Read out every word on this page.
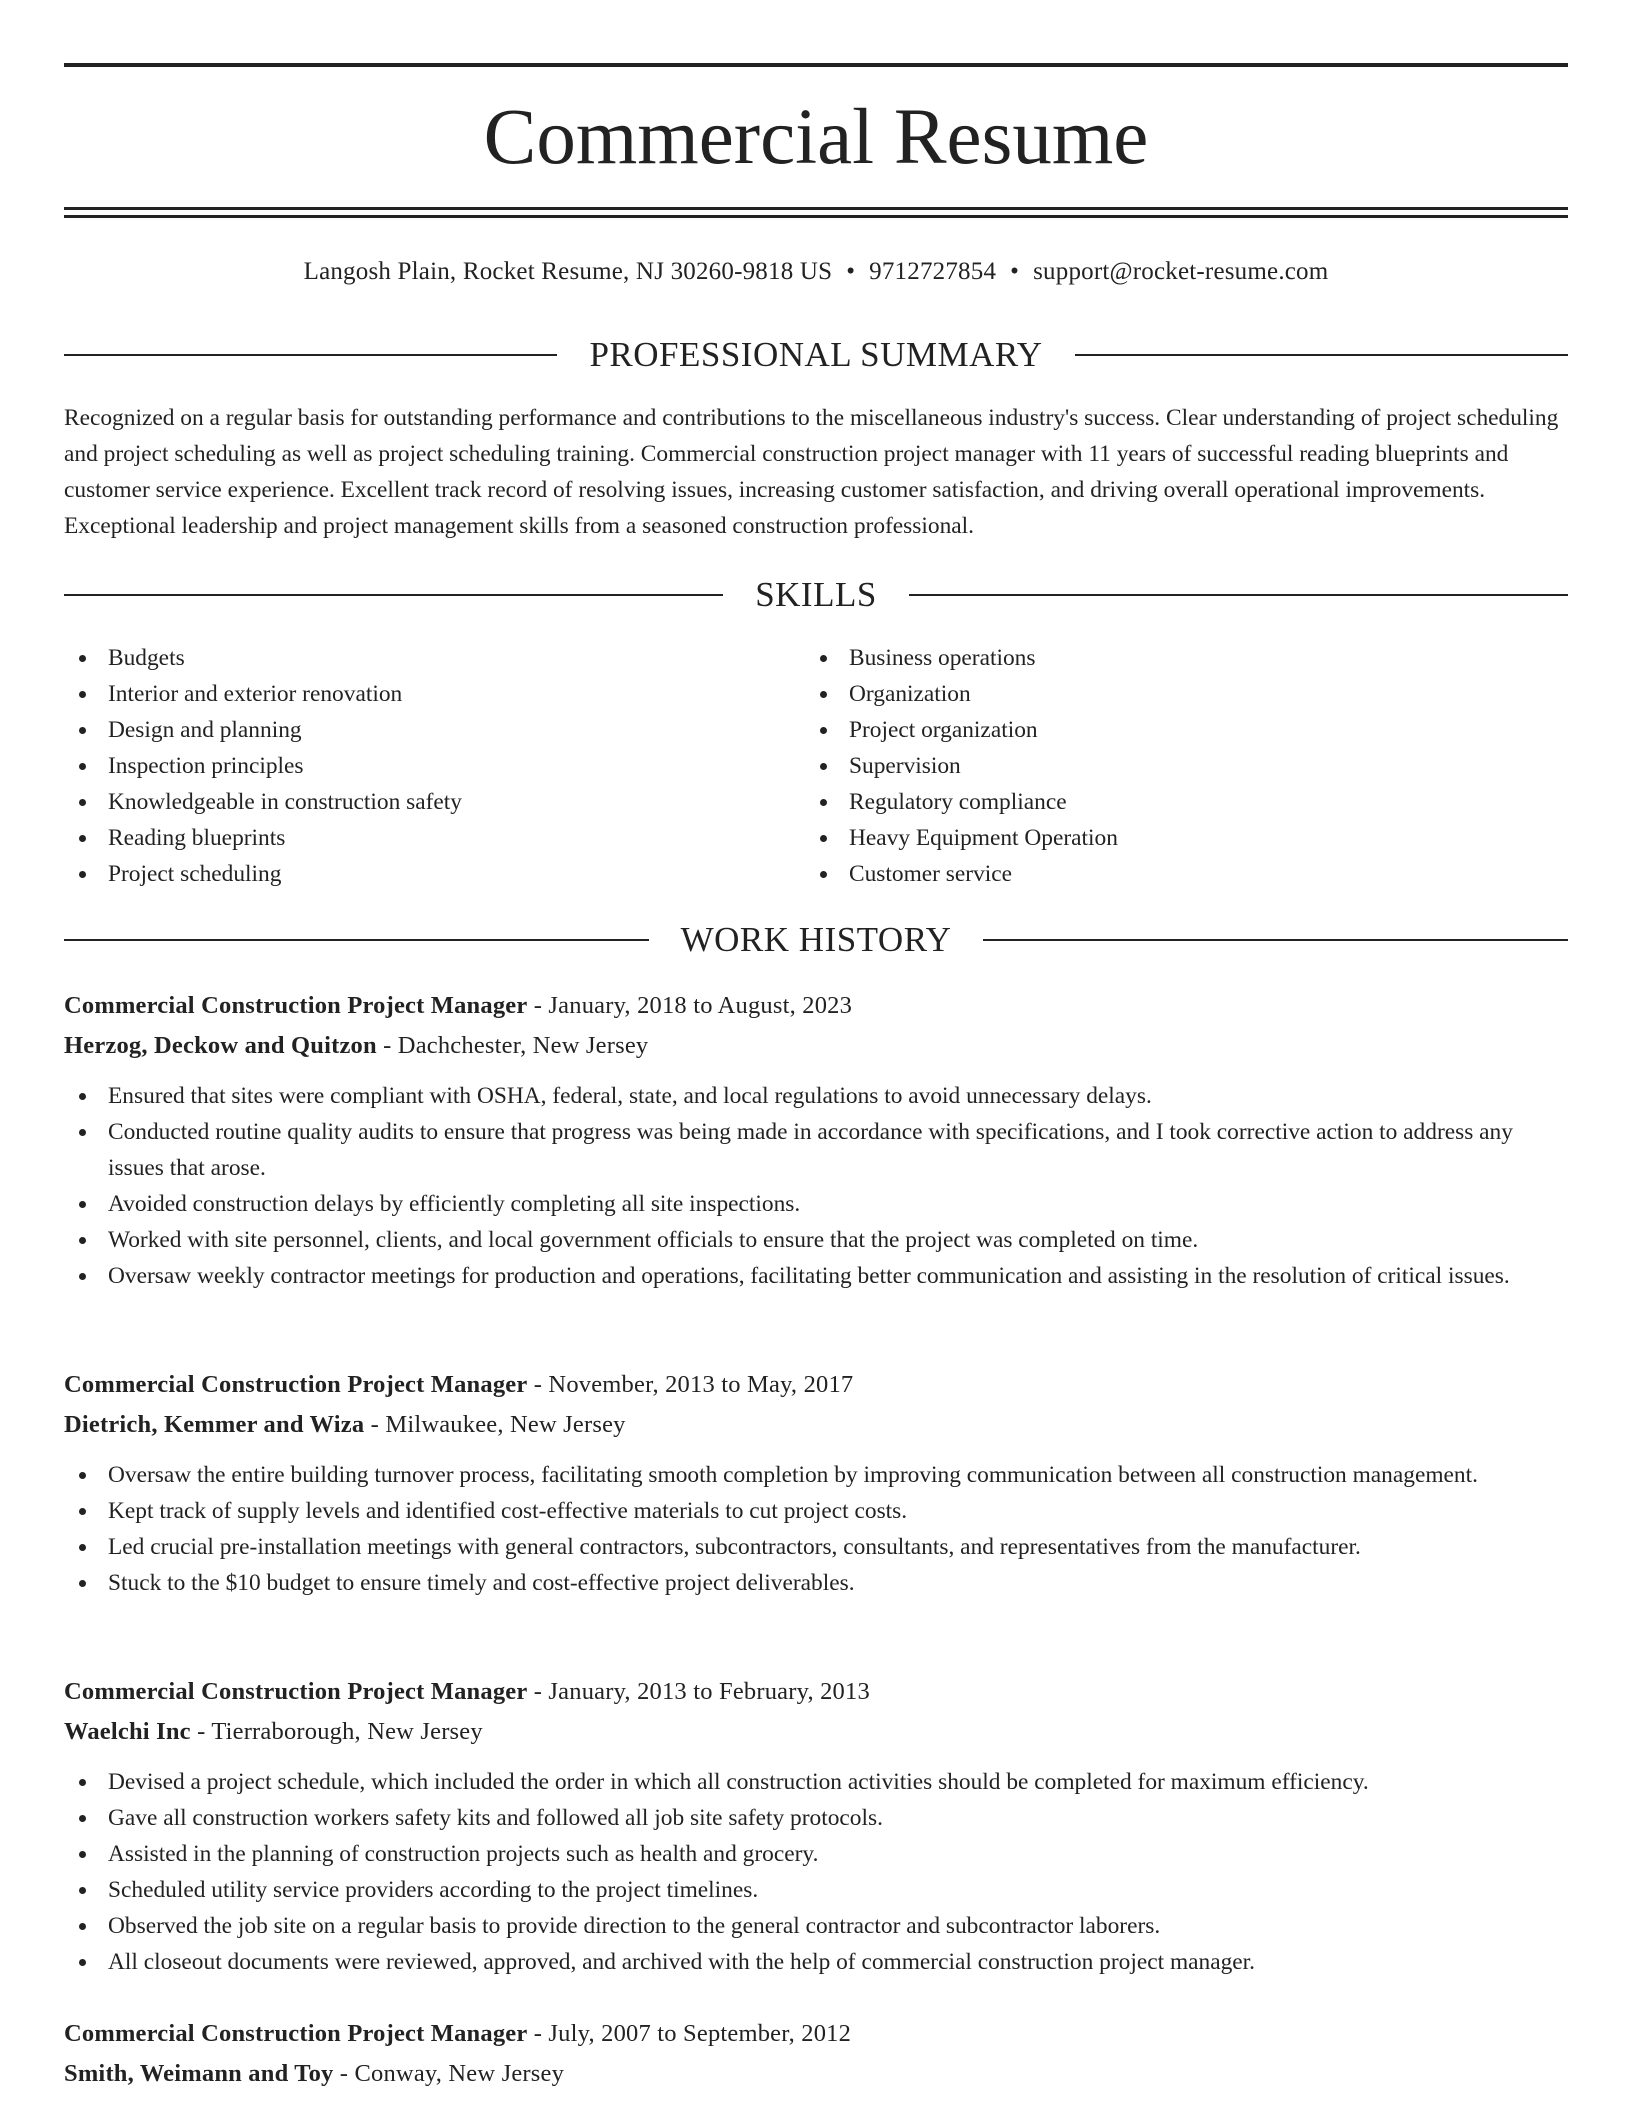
Commercial Resume
Langosh Plain, Rocket Resume, NJ 30260-9818 US • 9712727854 • support@rocket-resume.com
PROFESSIONAL SUMMARY

Recognized on a regular basis for outstanding performance and contributions to the miscellaneous industry's success. Clear understanding of project scheduling and project scheduling as well as project scheduling training. Commercial construction project manager with 11 years of successful reading blueprints and customer service experience. Excellent track record of resolving issues, increasing customer satisfaction, and driving overall operational improvements. Exceptional leadership and project management skills from a seasoned construction professional.

SKILLS
Budgets
Interior and exterior renovation
Design and planning
Inspection principles
Knowledgeable in construction safety
Reading blueprints
Project scheduling
Business operations
Organization
Project organization
Supervision
Regulatory compliance
Heavy Equipment Operation
Customer service
WORK HISTORY
Commercial Construction Project Manager - January, 2018 to August, 2023
Herzog, Deckow and Quitzon - Dachchester, New Jersey
Ensured that sites were compliant with OSHA, federal, state, and local regulations to avoid unnecessary delays.
Conducted routine quality audits to ensure that progress was being made in accordance with specifications, and I took corrective action to address any issues that arose.
Avoided construction delays by efficiently completing all site inspections.
Worked with site personnel, clients, and local government officials to ensure that the project was completed on time.
Oversaw weekly contractor meetings for production and operations, facilitating better communication and assisting in the resolution of critical issues.
Commercial Construction Project Manager - November, 2013 to May, 2017
Dietrich, Kemmer and Wiza - Milwaukee, New Jersey
Oversaw the entire building turnover process, facilitating smooth completion by improving communication between all construction management.
Kept track of supply levels and identified cost-effective materials to cut project costs.
Led crucial pre-installation meetings with general contractors, subcontractors, consultants, and representatives from the manufacturer.
Stuck to the $10 budget to ensure timely and cost-effective project deliverables.
Commercial Construction Project Manager - January, 2013 to February, 2013
Waelchi Inc - Tierraborough, New Jersey
Devised a project schedule, which included the order in which all construction activities should be completed for maximum efficiency.
Gave all construction workers safety kits and followed all job site safety protocols.
Assisted in the planning of construction projects such as health and grocery.
Scheduled utility service providers according to the project timelines.
Observed the job site on a regular basis to provide direction to the general contractor and subcontractor laborers.
All closeout documents were reviewed, approved, and archived with the help of commercial construction project manager.
Commercial Construction Project Manager - July, 2007 to September, 2012
Smith, Weimann and Toy - Conway, New Jersey
